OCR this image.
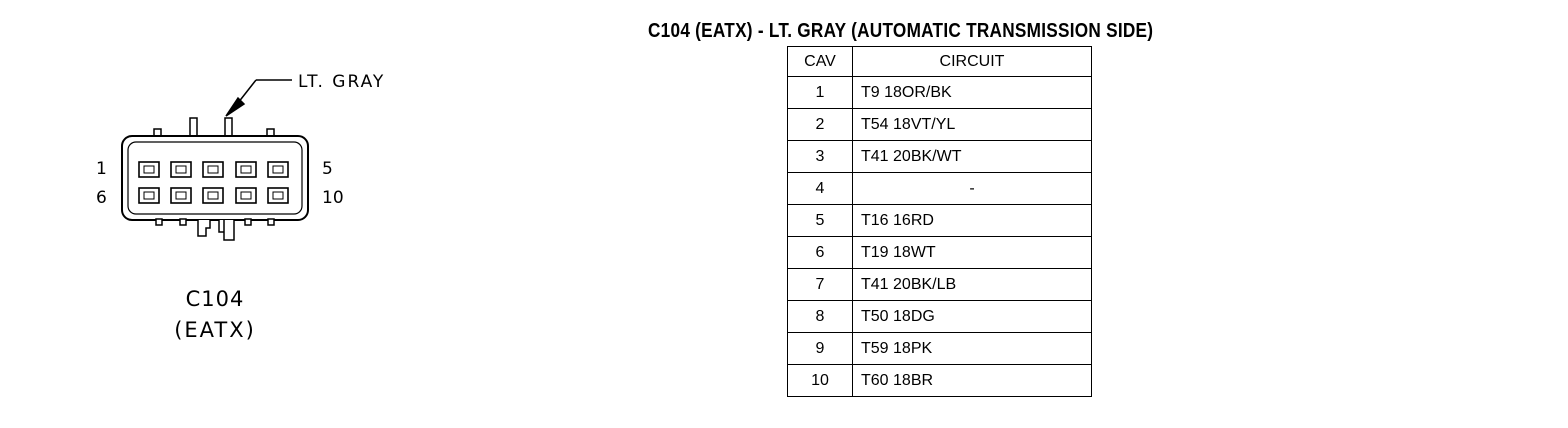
LT. GRAY
1	5
6	10
C104
(EATX)
C104 (EATX) - LT. GRAY (AUTOMATIC TRANSMISSION SIDE)
CAV	CIRCUIT
1	T9 18OR/BK
2	T54 18VT/YL
3	T41 20BK/WT
4	-
5	T16 16RD
6	T19 18WT
7	T41 20BK/LB
8	T50 18DG
9	T59 18PK
10	T60 18BR
